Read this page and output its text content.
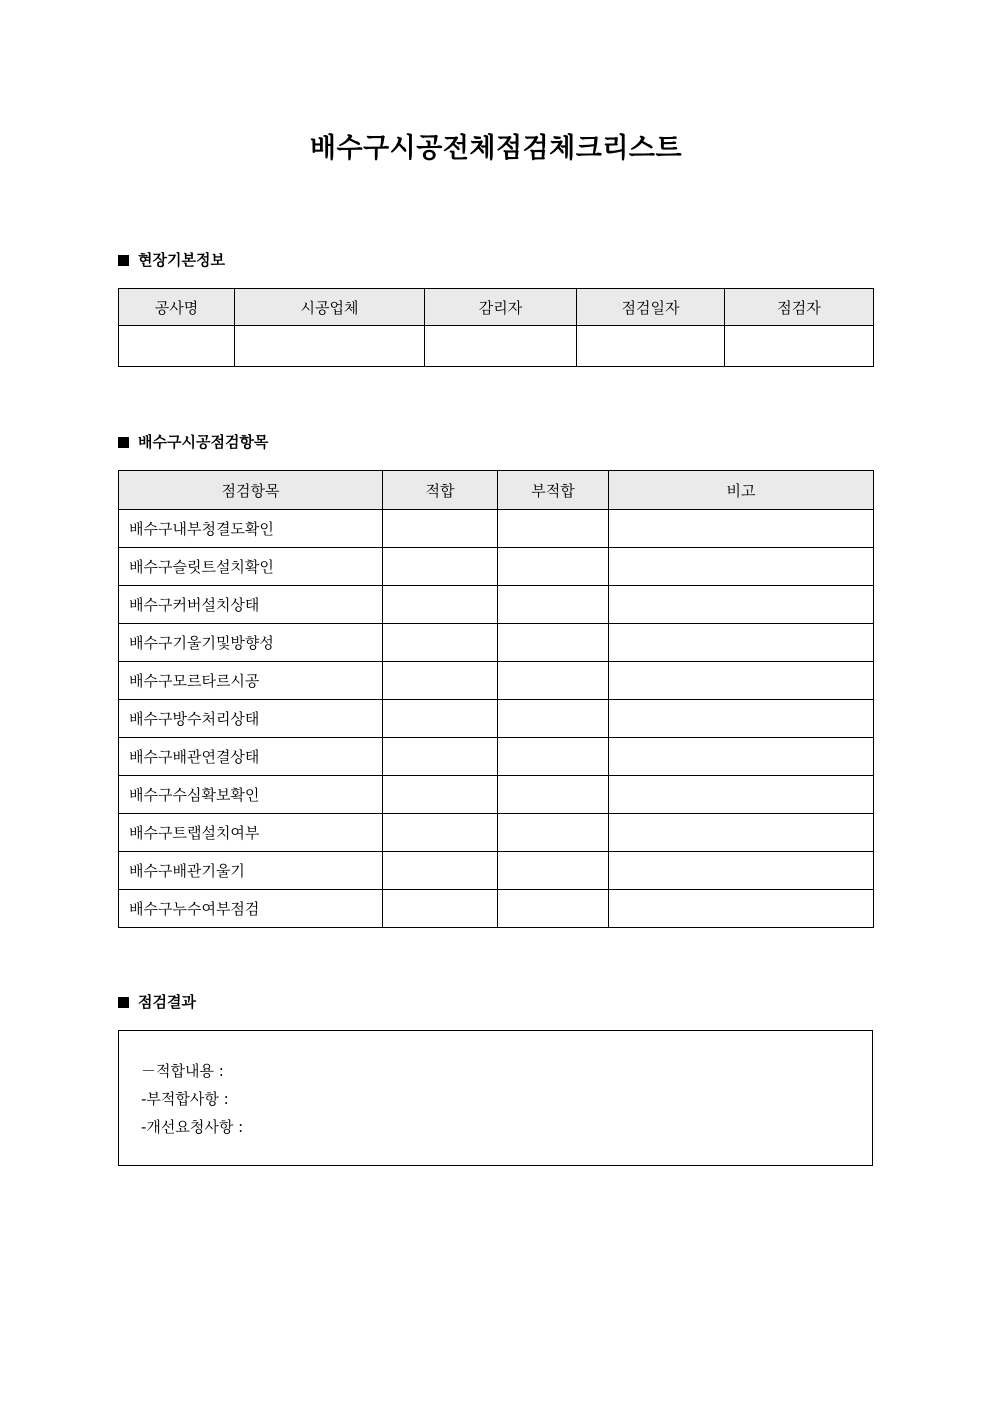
배수구시공전체점검체크리스트
현장기본정보
공사명	시공업체	감리자	점검일자	점검자

배수구시공점검항목
점검항목	적합	부적합	비고
배수구내부청결도확인			
배수구슬릿트설치확인			
배수구커버설치상태			
배수구기울기및방향성			
배수구모르타르시공			
배수구방수처리상태			
배수구배관연결상태			
배수구수심확보확인			
배수구트랩설치여부			
배수구배관기울기			
배수구누수여부점검			
점검결과
－적합내용 :
-부적합사항 :
-개선요청사항 :
